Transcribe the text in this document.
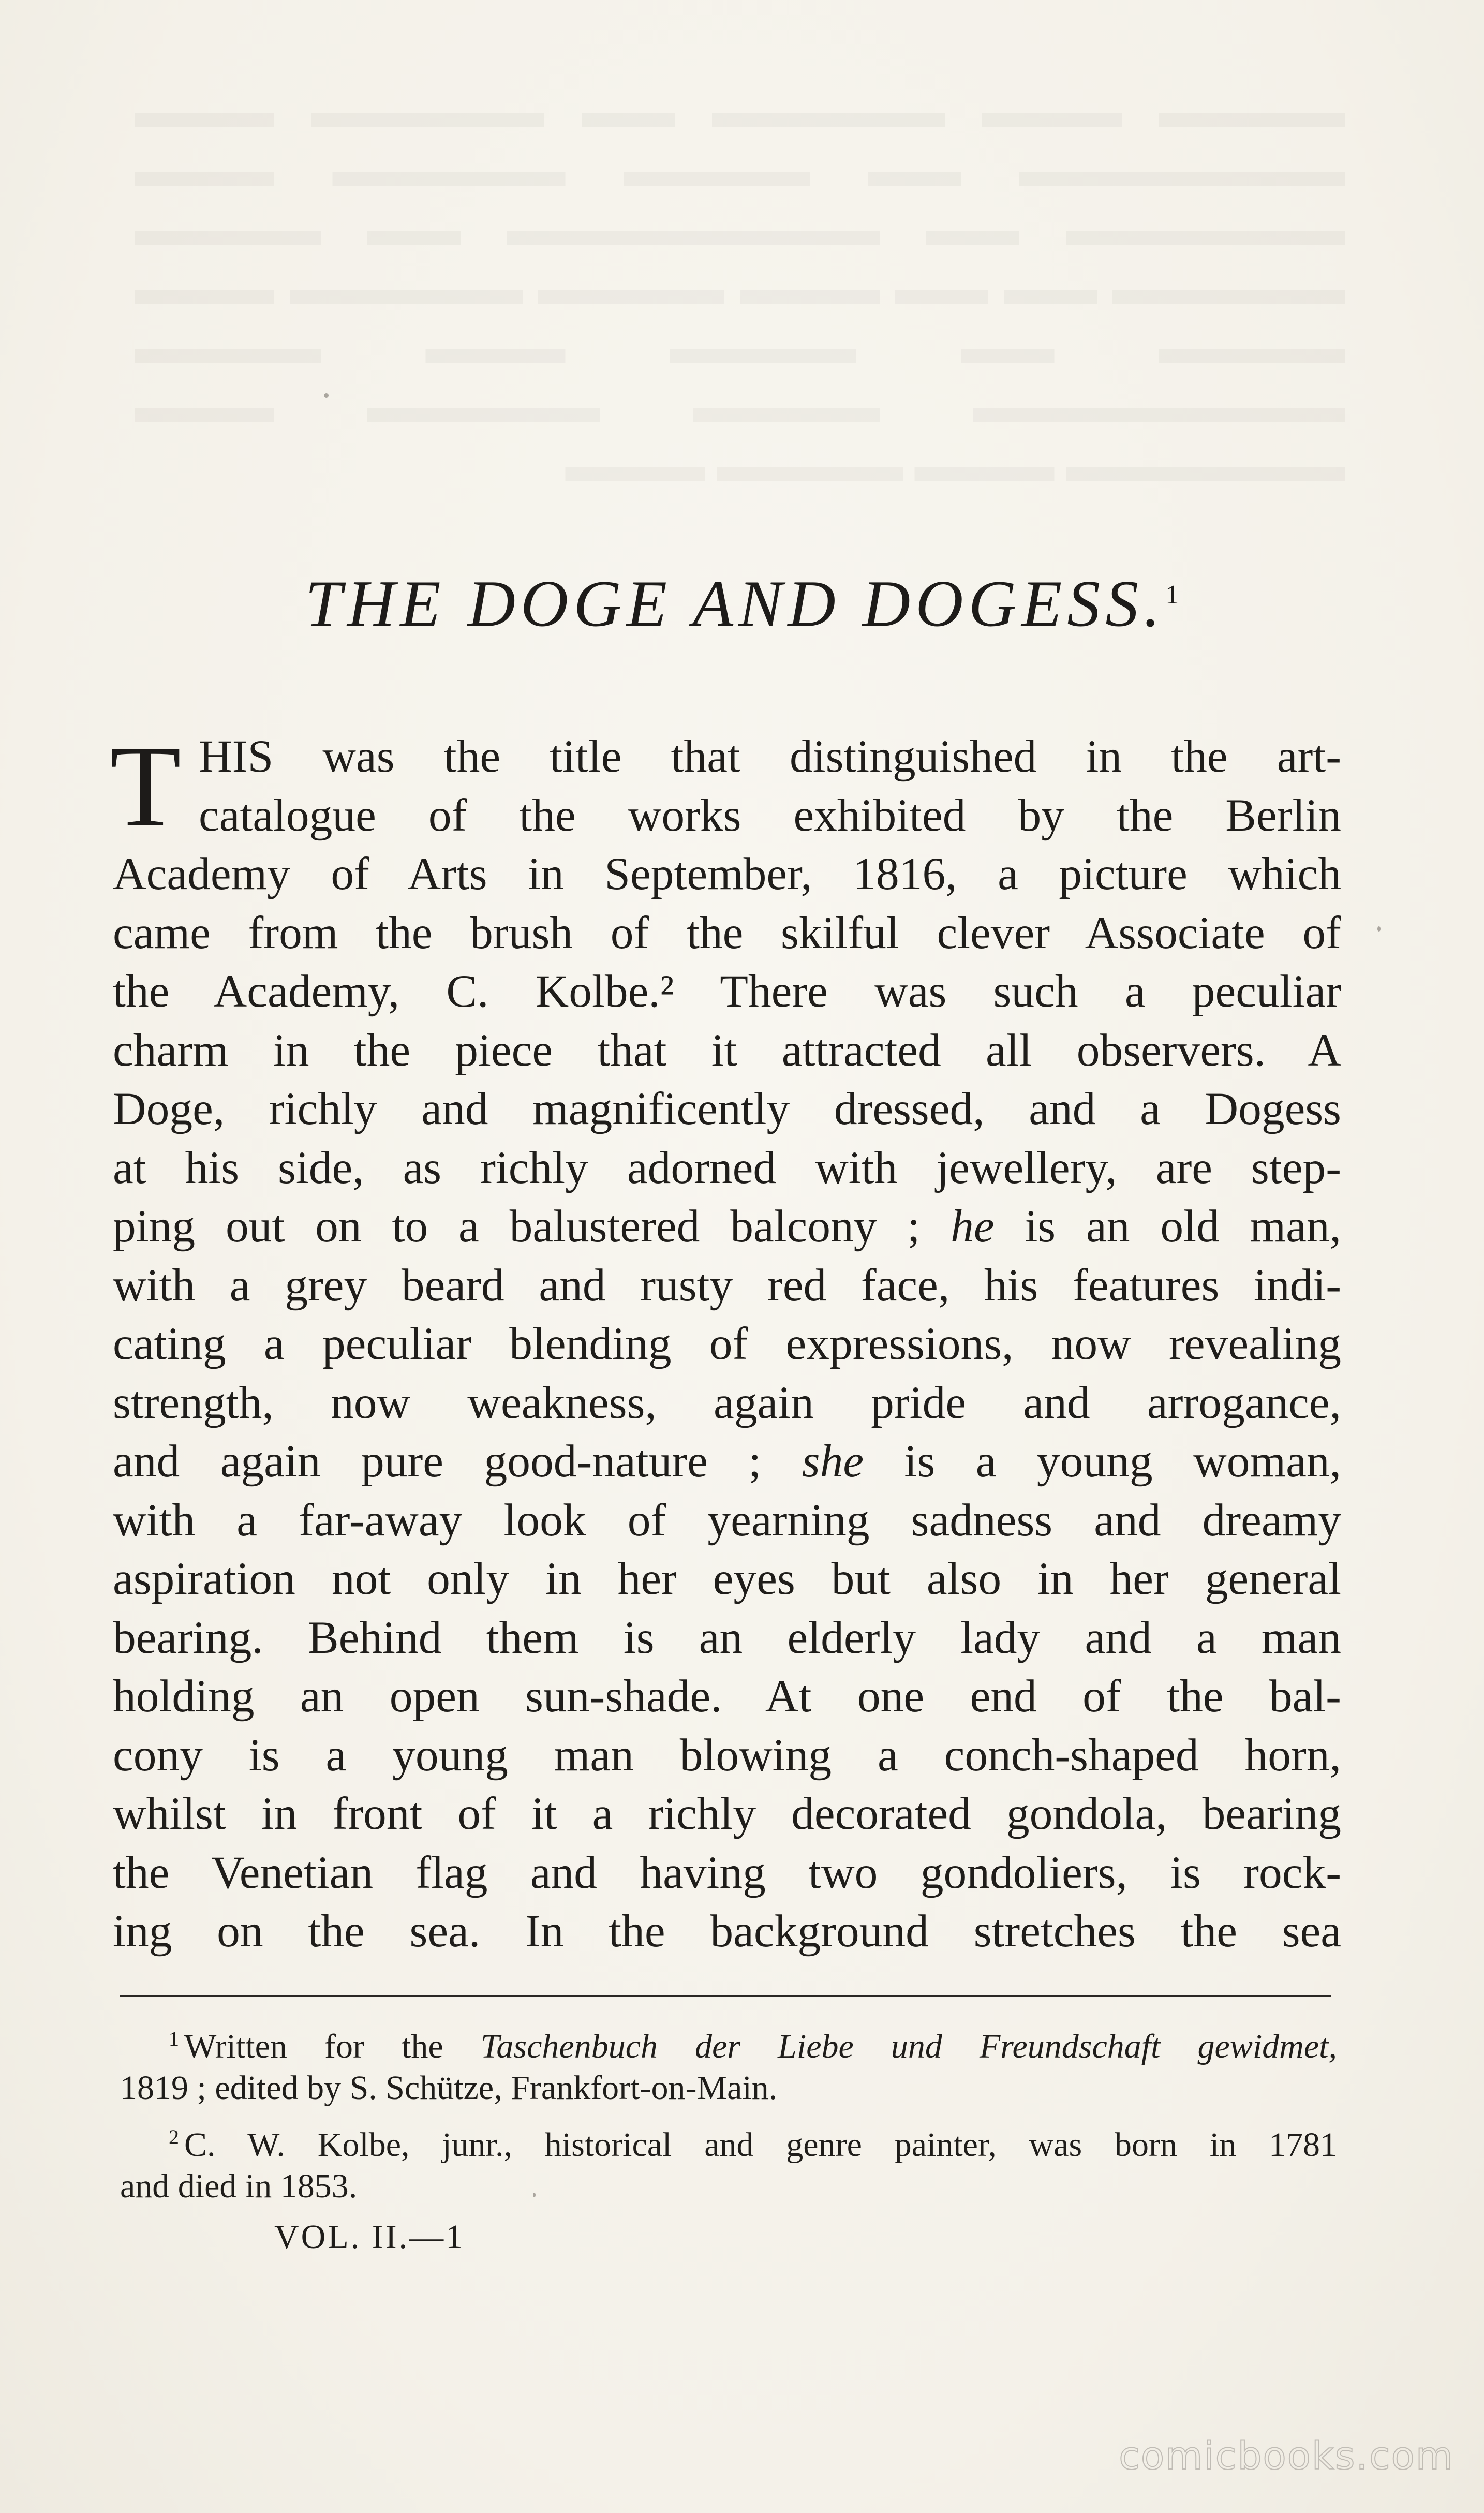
THE DOGE AND DOGESS.$^1$
T HIS was the title that distinguished in the art-
catalogue of the works exhibited by the Berlin
Academy of Arts in September, 1816, a picture which
came from the brush of the skilful clever Associate of
the Academy, C. Kolbe.² There was such a peculiar
charm in the piece that it attracted all observers. A
Doge, richly and magnificently dressed, and a Dogess
at his side, as richly adorned with jewellery, are step-
ping out on to a balustered balcony ; he is an old man,
with a grey beard and rusty red face, his features indi-
cating a peculiar blending of expressions, now revealing
strength, now weakness, again pride and arrogance,
and again pure good-nature ; she is a young woman,
with a far-away look of yearning sadness and dreamy
aspiration not only in her eyes but also in her general
bearing. Behind them is an elderly lady and a man
holding an open sun-shade. At one end of the bal-
cony is a young man blowing a conch-shaped horn,
whilst in front of it a richly decorated gondola, bearing
the Venetian flag and having two gondoliers, is rock-
ing on the sea. In the background stretches the sea
$^1$ Written for the Taschenbuch der Liebe und Freundschaft gewidmet,
1819 ; edited by S. Schütze, Frankfort-on-Main.
$^2$ C. W. Kolbe, junr., historical and genre painter, was born in 1781
and died in 1853.
VOL. II.—1
comicbooks.com
